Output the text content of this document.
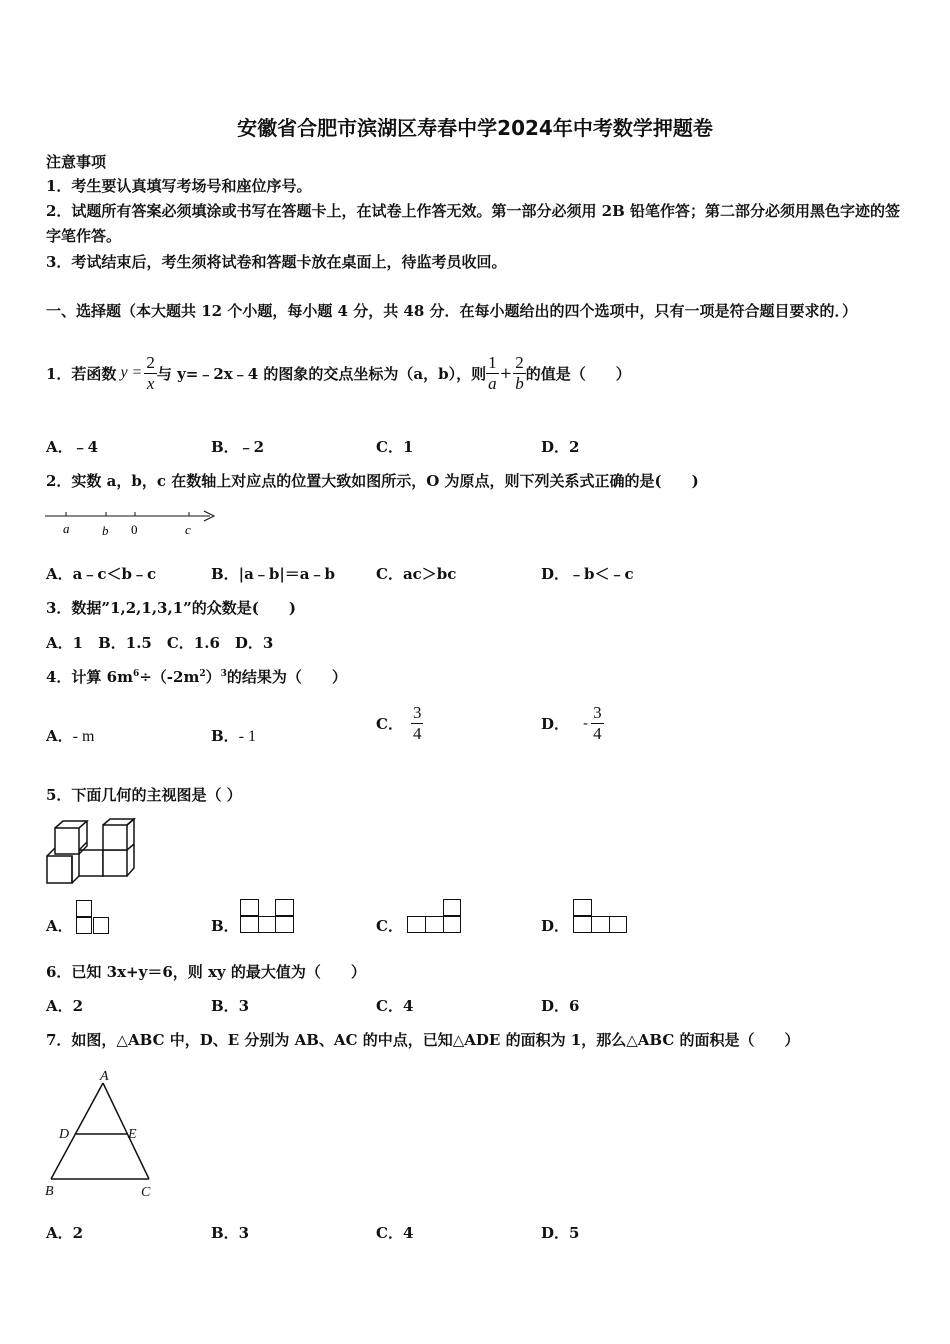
安徽省合肥市滨湖区寿春中学2024年中考数学押题卷
注意事项
1．考生要认真填写考场号和座位序号。
2．试题所有答案必须填涂或书写在答题卡上，在试卷上作答无效。第一部分必须用 2B 铅笔作答；第二部分必须用黑色字迹的签字笔作答。
3．考试结束后，考生须将试卷和答题卡放在桌面上，待监考员收回。
一、选择题（本大题共 12 个小题，每小题 4 分，共 48 分．在每小题给出的四个选项中，只有一项是符合题目要求的．）
1．若函数 $y = \frac{2}{x}$ 与 y=﹣2x﹣4 的图象的交点坐标为（a，b），则 $\frac{1}{a} + \frac{2}{b}$ 的值是（　　）
A．﹣4	B．﹣2	C．1	D．2
2．实数 a，b，c 在数轴上对应点的位置大致如图所示，O 为原点，则下列关系式正确的是(　　)
a	b 0	c
A．a﹣c＜b﹣c	B．|a﹣b|＝a﹣b	C．ac＞bc	D．﹣b＜﹣c
3．数据”1,2,1,3,1”的众数是(　　)
A．1　B．1.5　C．1.6　D．3
4．计算 $6m^6\div(-2m^2)^3$的结果为（　　）
A．- m	B．- 1
C． $\frac{3}{4}$	D． - $\frac{3}{4}$
5．下面几何的主视图是（ ）
A．	B．	C．	D．
6．已知 3x+y＝6，则 xy 的最大值为（　　）
A．2	B．3	C．4	D．6
7．如图，△ABC 中，D、E 分别为 AB、AC 的中点，已知△ADE 的面积为 1，那么△ABC 的面积是（　　）
A
D	E
B	C
A．2	B．3	C．4	D．5
